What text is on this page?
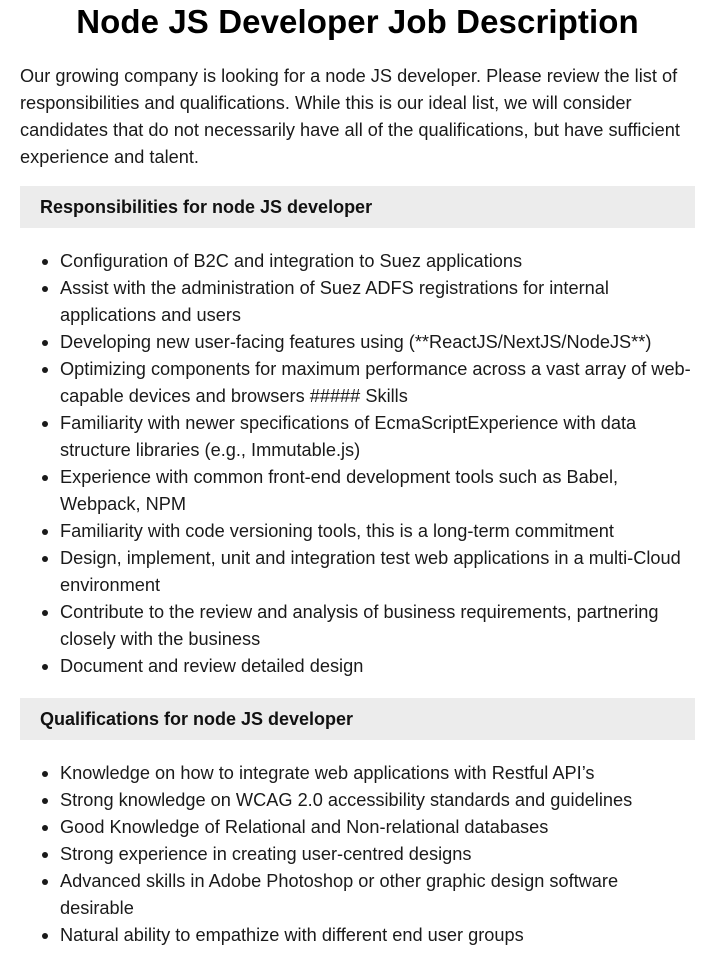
Node JS Developer Job Description

Our growing company is looking for a node JS developer. Please review the list of responsibilities and qualifications. While this is our ideal list, we will consider candidates that do not necessarily have all of the qualifications, but have sufficient experience and talent.

Responsibilities for node JS developer
Configuration of B2C and integration to Suez applications
Assist with the administration of Suez ADFS registrations for internal applications and users
Developing new user-facing features using (**ReactJS/NextJS/NodeJS**)
Optimizing components for maximum performance across a vast array of web-capable devices and browsers ##### Skills
Familiarity with newer specifications of EcmaScriptExperience with data structure libraries (e.g., Immutable.js)
Experience with common front-end development tools such as Babel, Webpack, NPM
Familiarity with code versioning tools, this is a long-term commitment
Design, implement, unit and integration test web applications in a multi-Cloud environment
Contribute to the review and analysis of business requirements, partnering closely with the business
Document and review detailed design
Qualifications for node JS developer
Knowledge on how to integrate web applications with Restful API’s
Strong knowledge on WCAG 2.0 accessibility standards and guidelines
Good Knowledge of Relational and Non-relational databases
Strong experience in creating user-centred designs
Advanced skills in Adobe Photoshop or other graphic design software desirable
Natural ability to empathize with different end user groups
